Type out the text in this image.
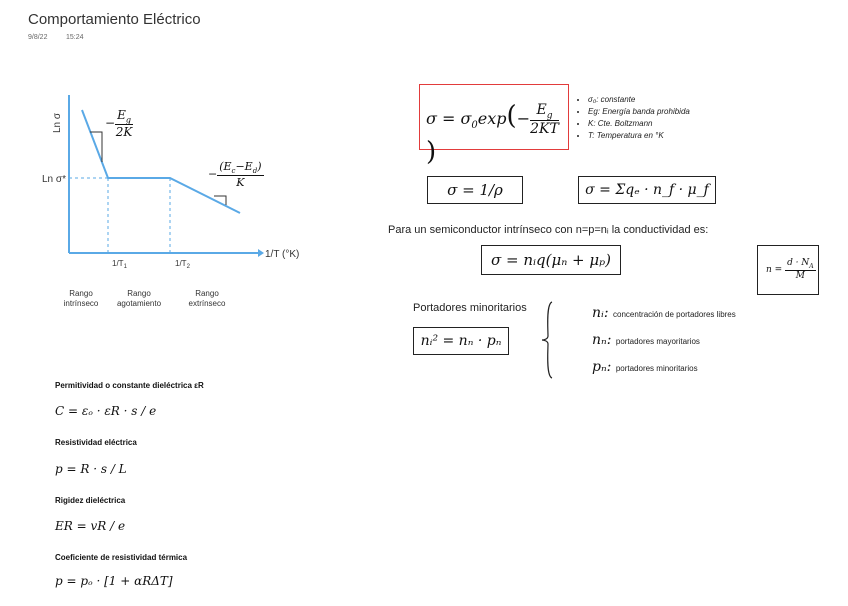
Comportamiento Eléctrico
9/8/22	15:24
Ln σ*
1/T (°K)
Ln σ
$1/T_1$	$1/T_2$
− $\frac{E_g}{2K}$
− $\frac{(E_c-E_d)}{K}$
Rango intrínseco
Rango agotamiento
Rango extrínseco
$\sigma = \sigma_0\exp(- \frac{E_g}{2KT}$
)
• σ₀: constante
• Eg: Energía banda prohibida
• K: Cte. Boltzmann
• T: Temperatura en °K
σ = 1/ρ	σ = Σqₑ · n_f · μ_f
Para un semiconductor intrínseco con n=p=nᵢ la conductividad es:
σ = nᵢq(μₙ + μₚ)
$n = \frac{d \cdot N_A}{M}$
Portadores minoritarios
nᵢ² = nₙ · pₙ
nᵢ: concentración de portadores libres
nₙ: portadores mayoritarios
pₙ: portadores minoritarios
Permitividad o constante dieléctrica εR
C = εₒ · εR · s / e
Resistividad eléctrica
p = R · s / L
Rigidez dieléctrica
ER = vR / e
Coeficiente de resistividad térmica
p = pₒ · [1 + αRΔT]
